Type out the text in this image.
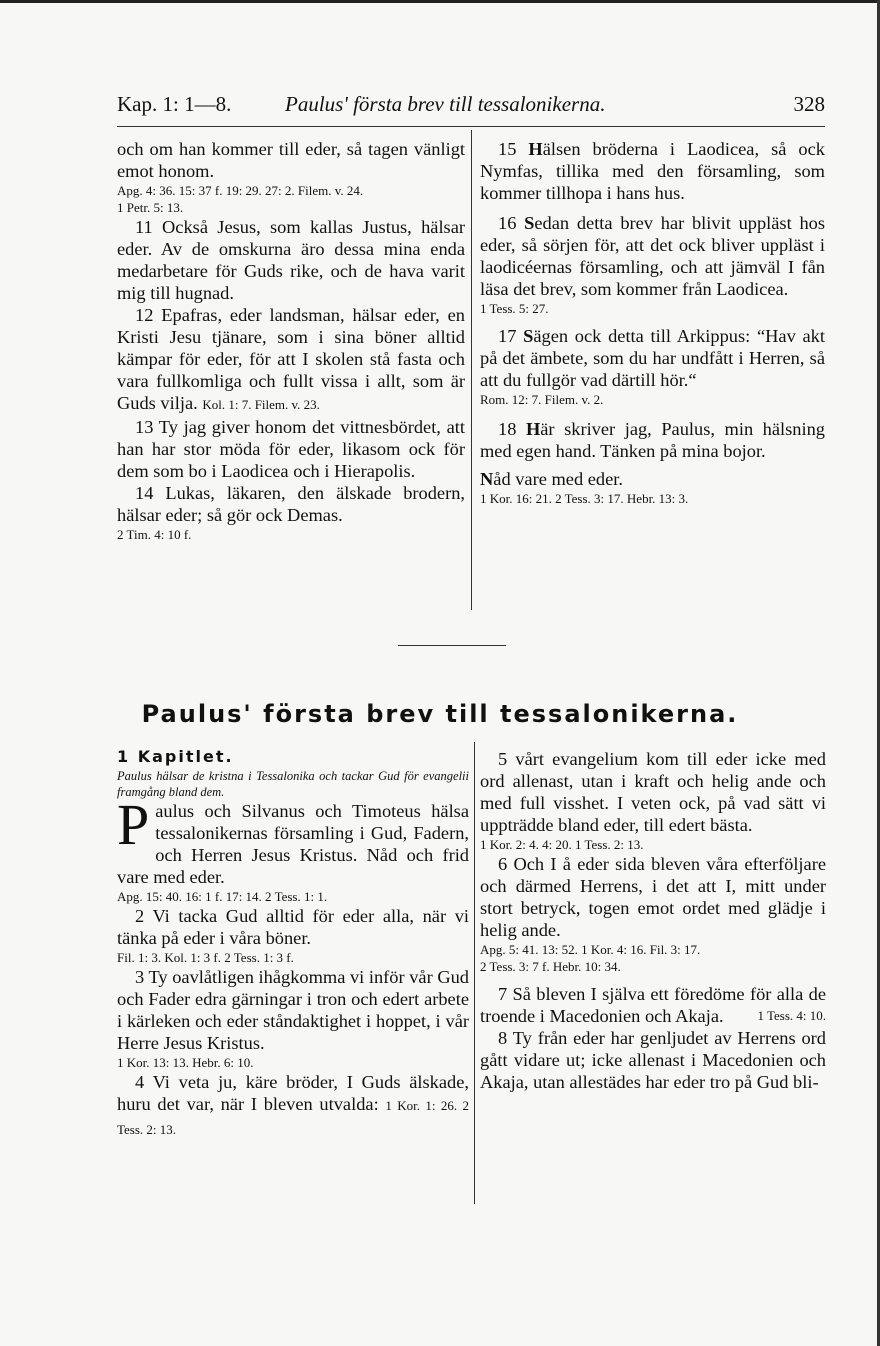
Kap. 1: 1—8.	Paulus' första brev till tessalonikerna.	328

och om han kommer till eder, så tagen vänligt emot honom.

Apg. 4: 36. 15: 37 f. 19: 29. 27: 2. Filem. v. 24.

1 Petr. 5: 13.

11 Också Jesus, som kallas Justus, hälsar eder. Av de omskurna äro dessa mina enda medarbetare för Guds rike, och de hava varit mig till hugnad.

12 Epafras, eder landsman, hälsar eder, en Kristi Jesu tjänare, som i sina böner alltid kämpar för eder, för att I skolen stå fasta och vara fullkomliga och fullt vissa i allt, som är Guds vilja. Kol. 1: 7. Filem. v. 23.

13 Ty jag giver honom det vittnesbördet, att han har stor möda för eder, likasom ock för dem som bo i Laodicea och i Hierapolis.

14 Lukas, läkaren, den älskade brodern, hälsar eder; så gör ock Demas.

2 Tim. 4: 10 f.

15 Hälsen bröderna i Laodicea, så ock Nymfas, tillika med den församling, som kommer tillhopa i hans hus.

16 Sedan detta brev har blivit uppläst hos eder, så sörjen för, att det ock bliver uppläst i laodicéernas församling, och att jämväl I fån läsa det brev, som kommer från Laodicea.

1 Tess. 5: 27.

17 Sägen ock detta till Arkippus: “Hav akt på det ämbete, som du har undfått i Herren, så att du fullgör vad därtill hör.“

Rom. 12: 7. Filem. v. 2.

18 Här skriver jag, Paulus, min hälsning med egen hand. Tänken på mina bojor.

Nåd vare med eder.

1 Kor. 16: 21. 2 Tess. 3: 17. Hebr. 13: 3.

Paulus' första brev till tessalonikerna.

1 Kapitlet.

Paulus hälsar de kristna i Tessalonika och tackar Gud för evangelii framgång bland dem.

Paulus och Silvanus och Timoteus hälsa tessalonikernas församling i Gud, Fadern, och Herren Jesus Kristus. Nåd och frid vare med eder.

Apg. 15: 40. 16: 1 f. 17: 14. 2 Tess. 1: 1.

2 Vi tacka Gud alltid för eder alla, när vi tänka på eder i våra böner.

Fil. 1: 3. Kol. 1: 3 f. 2 Tess. 1: 3 f.

3 Ty oavlåtligen ihågkomma vi inför vår Gud och Fader edra gärningar i tron och edert arbete i kärleken och eder ståndaktighet i hoppet, i vår Herre Jesus Kristus.

1 Kor. 13: 13. Hebr. 6: 10.

4 Vi veta ju, käre bröder, I Guds älskade, huru det var, när I bleven utvalda: 1 Kor. 1: 26. 2 Tess. 2: 13.

5 vårt evangelium kom till eder icke med ord allenast, utan i kraft och helig ande och med full visshet. I veten ock, på vad sätt vi uppträdde bland eder, till edert bästa.

1 Kor. 2: 4. 4: 20. 1 Tess. 2: 13.

6 Och I å eder sida bleven våra efterföljare och därmed Herrens, i det att I, mitt under stort betryck, togen emot ordet med glädje i helig ande.

Apg. 5: 41. 13: 52. 1 Kor. 4: 16. Fil. 3: 17.

2 Tess. 3: 7 f. Hebr. 10: 34.

7 Så bleven I själva ett föredöme för alla de troende i Macedonien och Akaja.	1 Tess. 4: 10.

8 Ty från eder har genljudet av Herrens ord gått vidare ut; icke allenast i Macedonien och Akaja, utan allestädes har eder tro på Gud bli-
